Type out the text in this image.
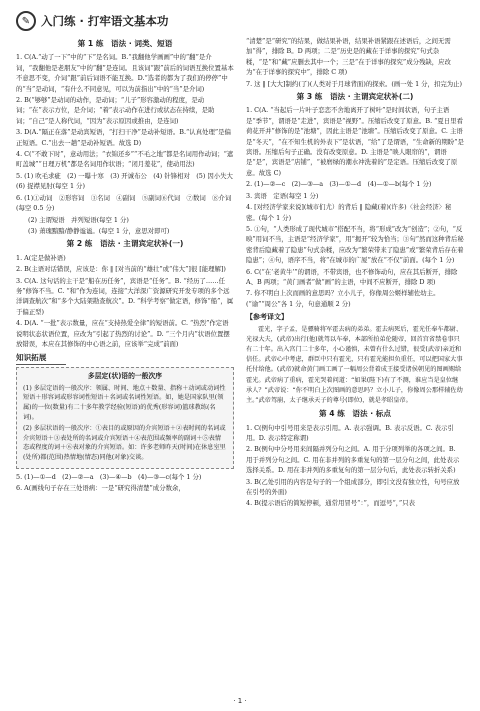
✎ 入门练 · 打牢语文基本功
第 1 练　语法 · 词类、短语

1. C(A.“动了一下”中的“下”是名词。B.“我翻他学画画”中的“翻”是介词，“我翻他是老朋友”中的“翻”是连词。且该词“跟”前后的词语互换位置基本不意思不变，介词“跟”前后词语不能互换。D.“选者的都为了我们的停停”中的“当”是动词，“有什么不同意见，可以为前指出”中的“当”是介词)

2. B(“够够”是动词的动作，是动词；“儿子”形容激动的程度，是动词；“在”表示方位，是介词；“着”表示动作在进行或状态在持续，是助词；“自己”是人称代词，“因为”表示原因或推由，是连词)

3. D(A.“隔正在落”是动宾短语，“打扫干净”是动补短语。B.“认真处理”是偏正短语。C.“出去一趟”是动补短语。故选 D)

4. C(“不敢下时”，意动用法；“衣锦还乡”“不毛之地”都是名词用作动词；“遮町盖城”“日理万机”都是名词用作状语；“闭月羞花”，使动用法)

5. (1) 吹毛求疵　(2) 一曝十寒　(3) 开诚布公　(4) 针锋相对　(5) 因小失大　(6) 捉襟见肘(每空 1 分)

6. (1)①动词　②形容词　③名词　④副词　⑤副词⑥代词　⑦数词　⑧介词(每空 0.5 分)

(2) 主谓短语　并列短语(每空 1 分)

(3) 萧瑰黯黯/静静谧谧。(每空 1 分，意思对即可)

第 2 练　语法 · 主谓宾定状补(一)

1. A(定是做补语)

2. B(主语对话错误，应该是：你 ‖ [对当前的“雄壮”或“伟大”]很 [能理解])

3. C(A. 这句话的主干是“船在历任务”，宾语是“任务”。B. “经历了……任务”修饰不当。C. “和”作为连词，连接“大洋深广资源研究开发专项的多个远洋调查航次”和“多个大陆架勘查航次”。D. “科学考察”做定语，修饰“船”，属于偏正型)

4. D(A. “一批”表示数量，应在“支持热爱全律”的短语前。C. “热烈”作定语说明状态状语位置，应改为“引起了热烈的讨论”。D. “三个月内”状语位置摆放错误，本应在其修饰的中心语之前，应该举“完成”前面)

知识拓展
多层定(状)语的一般次序

(1) 多层定语的一般次序：领属、时间、地点＋数量、指称＋动词或动词性短语＋形容词或形容词性短语＋名词或名词性短语。如，她是国家队里(领属)的一位(数量)有二十多年教学经验(短语)的优秀(形容词)篮球教练(名词)。

(2) 多层状语的一般次序：①表目的或原因的介宾短语＋②表时间的名词或介宾短语＋③表处所的名词或介宾短语＋④表范围或频率的副词＋⑤表情态或程度的词＋⑥表对象的介宾短语。如：许多老师昨天(时间)在休息室里(处所)都(范围)热情地(情态)同他(对象)交谈。

5. (1)—①—d　(2)—②—a　(3)—④—b　(4)—③—c(每个 1 分)

6. A(画线句子存在三处语病：一是“研究得清楚”成分数余，

“清楚”是“研究”的结果，做结果补语，结果补语紧跟在述语后，之间无需加“得”，排除 B。D 两项；二是“历史是的藏在于详事的探究”句式杂糅，“是”和“藏”应删去其中一个；三是“在于详事的探究”成分残缺，应改为“在于详事的探究中”，排除 C 项)

7. 这 ‖ [大大]制约(了)(人类对于月球背面)的探索。(画一处 1 分，扣完为止)

第 3 练　语法 · 主谓宾定状补(二)

1. C(A. “当起后一片叶子恋恋不舍地离开了树叶”是时间状语，句子主语是“季节”，谓语是“走进”，宾语是“视野”。压缩后改变了原意。B. “夏日里看荷花开并”修饰的是“池塘”，因此主语是“池塘”。压缩后改变了原意。C. 主语是“冬天”，“在不知生机的外表下”是状语，“给”了是谓语，“生命新的期盼”是宾语。压缩后句子正确。没有改变原意。D. 主语是“映人眼帘的”，谓语是“是”，宾语是“店铺”，“被磨绿的潮水冲洗着的”是定语。压缩后改变了原意。故选 C)

2. (1)—②—c　(2)—③—a　(3)—①—d　(4)—①—b(每个 1 分)

3. 宾语　定语(每空 1 分)

4. [对经济学家来说](城市们尤）的背后 ‖ 隐藏(着)(许多)〈社会经济〉秘密。(每个 1 分)

5. ①句，“人类形成了现代城市”搭配不当，将“形成”改为“创造”；②句，“反映”用词不当，主语是“经济学家”，用“揭开”较为恰当；③句“然而这种背后秘密背后隐藏着了隐患”句式杂糅，应改为“繁荣带来了隐患”或“繁荣背后存在着隐患”；④句，语序不当，将“在城市的广厦”放在“不仅”前面。(每个 1 分)

6. C(“在‘老黄牛’”的谓语，不带宾语，也不修饰动句，应在其后断开，排除 A、B 两项；“黄门画者”做“画”的主语，中间不应断开，排除 D 项)

7. 你不明白上次而画的意思吗？立小儿子，你像周公姬样辅佐幼主。(“谕”“周公”各 1 分，句意通顺 2 分)

【参考译文】

霍光，字子孟，是骠骑将军霍去病的弟弟。霍去病死后，霍光任奉车都尉、光禄大夫，(武帝)出行(他)就驾以车奉，本部所拍弟伦随帝，回首宫省禁卷事只有二十年。出入宫门二十多年，小心谨慎，未曾有什么过错，很受(武帝)亲近和信任。武帝心中考虑，群臣中只有霍光，只有霍光能担负重任，可以把国家大事托付给他。(武帝)就命黄门画工画了一幅周公背着成王接受诸侯朝见的图画赐给霍光。武帝病了重病，霍光哭着问道：“如果(陛下)有了不测，谁应当是皇位继承人？”武帝说：“你不明白上次图画的意思吗？立小儿子，你像周公那样辅佐幼主。”武帝驾崩，太子继承天子的尊号(即位)，就是孝昭皇帝。

第 4 练　语法 · 标点

1. C(例句中引号用来是表示引用。A. 表示强调。B. 表示反语。C. 表示引用。D. 表示特定称谓)

2. B(例句中分号用来间隔并列分句之间。A. 用于分项列举的各项之间。B. 用于并列分句之间。C. 用在非并列的多重复句的第一层分句之间，此处表示选择关系。D. 用在非并列的多重复句的第一层分句后，此处表示转折关系)

3. B(乙处引用的内容是句子的一个组成部分，即引文没有独立性，句号应放在引号的外面)

4. B(提示语后的简短停顿，通常用冒号“：”，而逗号“，”只表

· 1 ·
